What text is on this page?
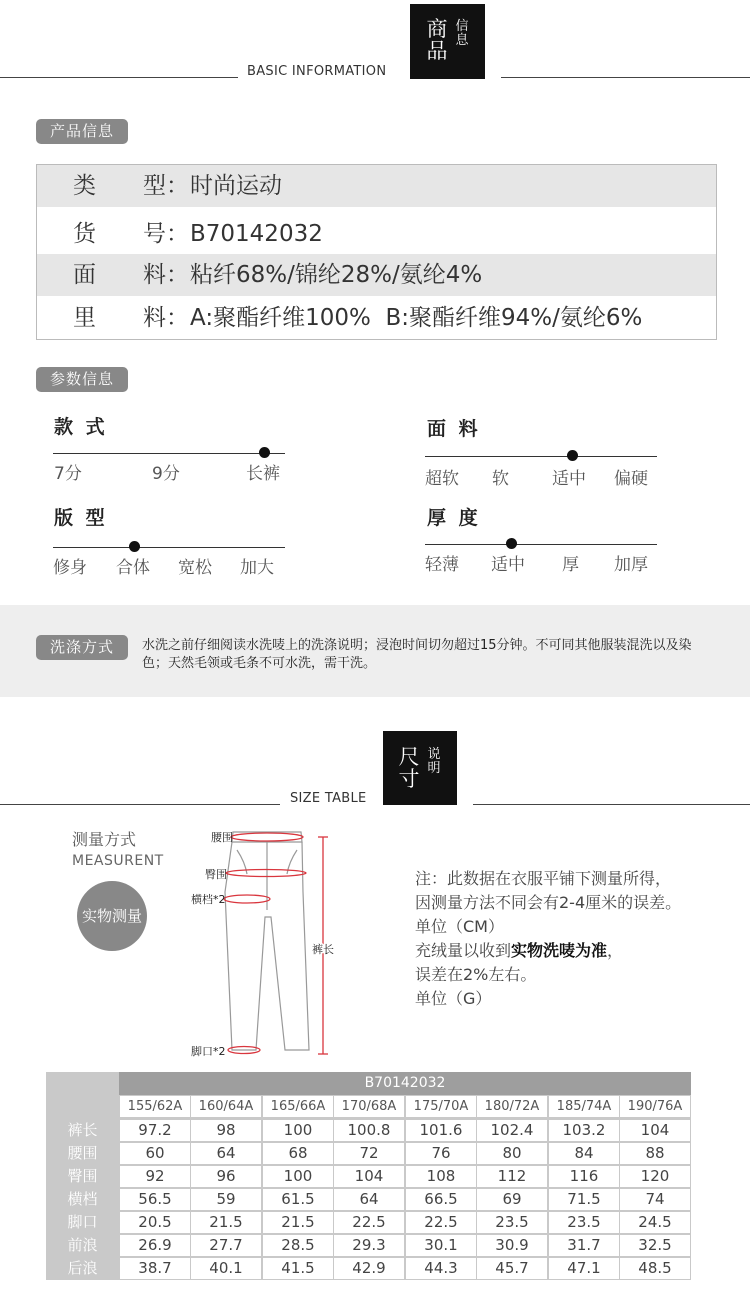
BASIC INFORMATION
商
品
信
息
产品信息
类 型： 时尚运动
货 号： B70142032
面 料： 粘纤68%/锦纶28%/氨纶4%
里 料： A:聚酯纤维100%  B:聚酯纤维94%/氨纶6%
参数信息
款 式
7分	9分	长裤
面 料
超软 软	适中 偏硬
版 型
修身 合体 宽松 加大
厚 度
轻薄 适中 厚 加厚
洗涤方式	水洗之前仔细阅读水洗唛上的洗涤说明；浸泡时间切勿超过15分钟。不可同其他服装混洗以及染色；天然毛领或毛条不可水洗，需干洗。
SIZE TABLE
尺
寸
说
明
测量方式
MEASURENT
实物测量
腰围
臀围
横档*2
裤长
脚口*2
注：此数据在衣服平铺下测量所得，
因测量方法不同会有2-4厘米的误差。
单位（CM）
充绒量以收到实物洗唛为准，
误差在2%左右。
单位（G）
B70142032
155/62A	160/64A	165/66A	170/68A	175/70A	180/72A	185/74A	190/76A
裤长	97.2	98	100	100.8	101.6	102.4	103.2	104
腰围	60	64	68	72	76	80	84	88
臀围	92	96	100	104	108	112	116	120
横档	56.5	59	61.5	64	66.5	69	71.5	74
脚口	20.5	21.5	21.5	22.5	22.5	23.5	23.5	24.5
前浪	26.9	27.7	28.5	29.3	30.1	30.9	31.7	32.5
后浪	38.7	40.1	41.5	42.9	44.3	45.7	47.1	48.5
